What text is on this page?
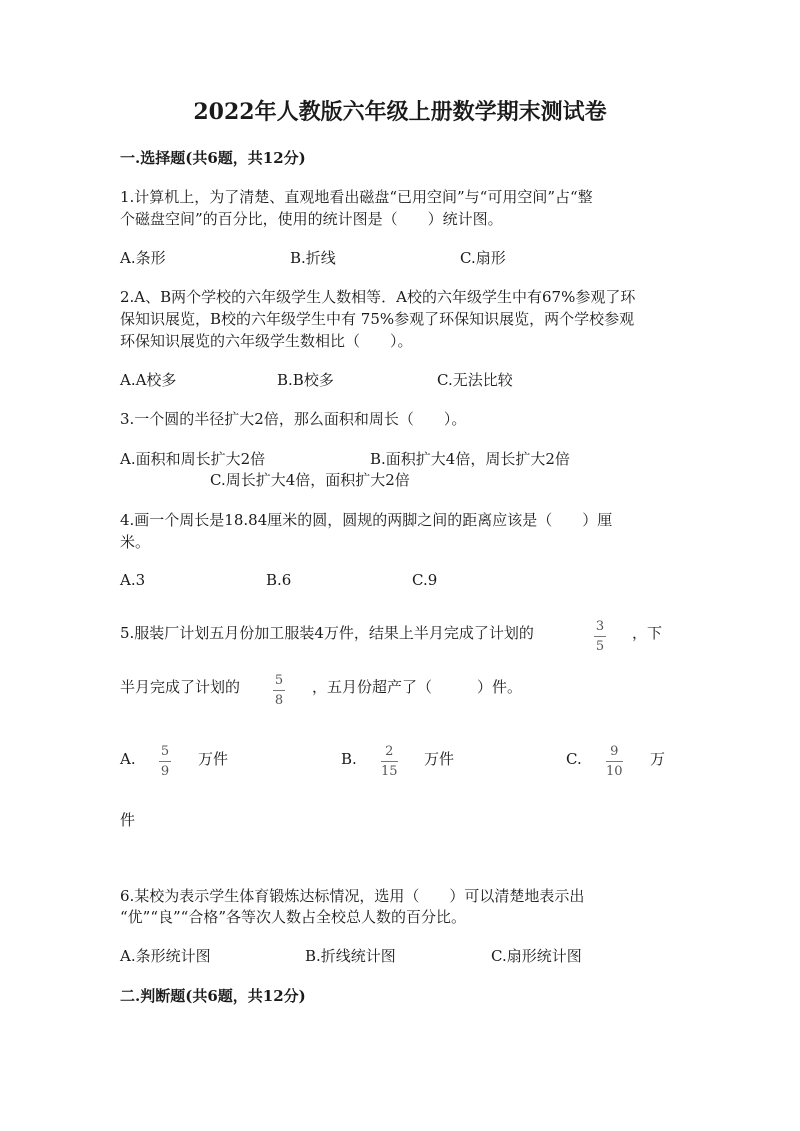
2022年人教版六年级上册数学期末测试卷
一.选择题(共6题，共12分)
1.计算机上，为了清楚、直观地看出磁盘“已用空间”与“可用空间”占“整
个磁盘空间”的百分比，使用的统计图是（　　）统计图。
A.条形	B.折线	C.扇形
2.A、B两个学校的六年级学生人数相等．A校的六年级学生中有67%参观了环
保知识展览，B校的六年级学生中有 75%参观了环保知识展览，两个学校参观
环保知识展览的六年级学生数相比（　　）。
A.A校多	B.B校多	C.无法比较
3.一个圆的半径扩大2倍，那么面积和周长（　　）。
A.面积和周长扩大2倍	B.面积扩大4倍，周长扩大2倍
C.周长扩大4倍，面积扩大2倍
4.画一个周长是18.84厘米的圆，圆规的两脚之间的距离应该是（　　）厘
米。
A.3	B.6	C.9
5.服装厂计划五月份加工服装4万件，结果上半月完成了计划的	3
5
，下
半月完成了计划的	5
8
，五月份超产了（　　　）件。
A. 5
9
万件	B. 2
15
万件	C. 9
10
万
件
6.某校为表示学生体育锻炼达标情况，选用（　　）可以清楚地表示出
“优”“良”“合格”各等次人数占全校总人数的百分比。
A.条形统计图	B.折线统计图	C.扇形统计图
二.判断题(共6题，共12分)
